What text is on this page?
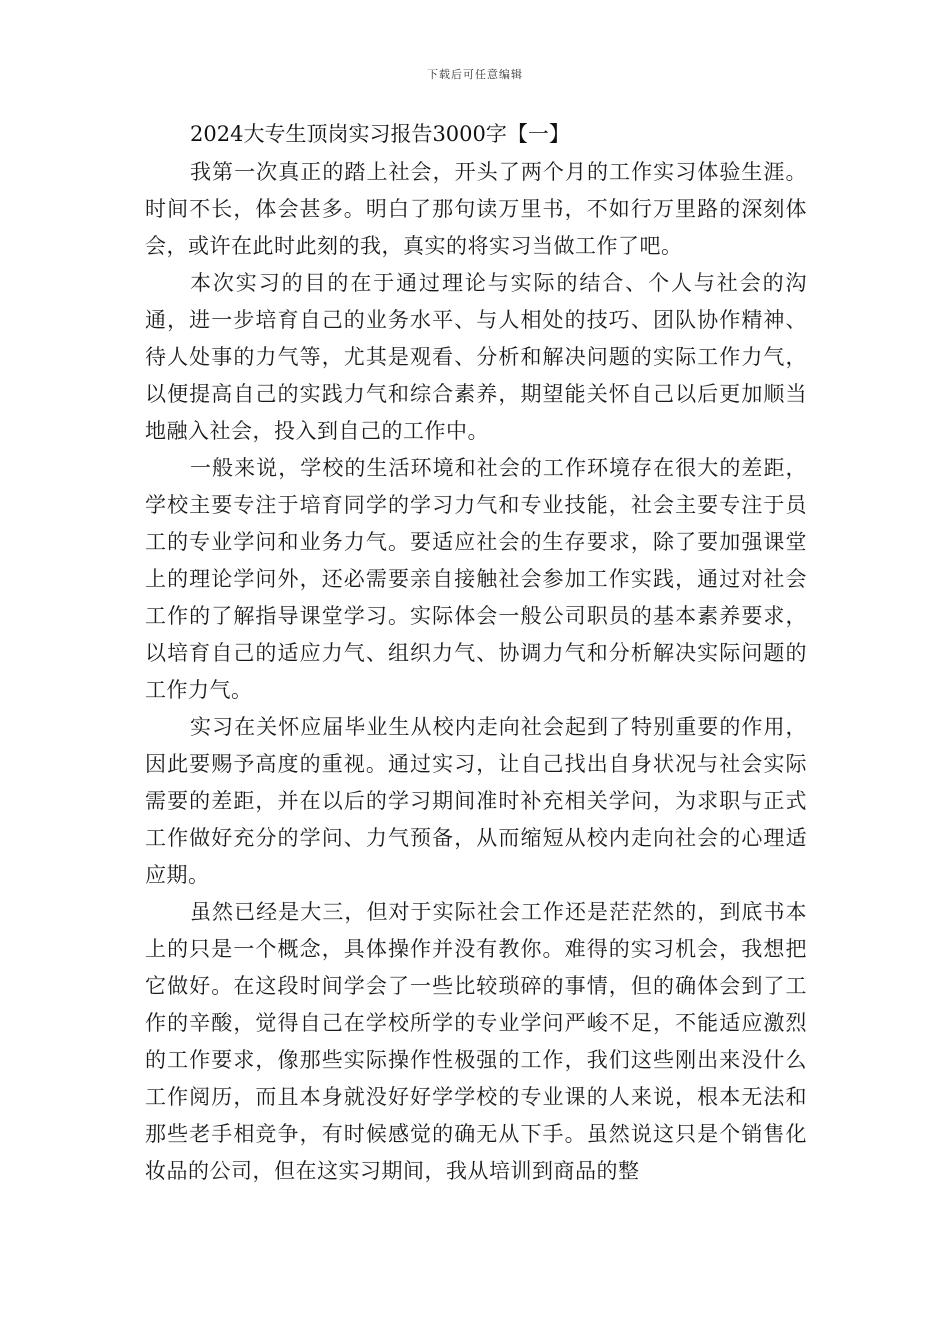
下载后可任意编辑
2024大专生顶岗实习报告3000字【一】

我第一次真正的踏上社会，开头了两个月的工作实习体验生涯。时间不长，体会甚多。明白了那句读万里书，不如行万里路的深刻体会，或许在此时此刻的我，真实的将实习当做工作了吧。

本次实习的目的在于通过理论与实际的结合、个人与社会的沟通，进一步培育自己的业务水平、与人相处的技巧、团队协作精神、待人处事的力气等，尤其是观看、分析和解决问题的实际工作力气，以便提高自己的实践力气和综合素养，期望能关怀自己以后更加顺当地融入社会，投入到自己的工作中。

一般来说，学校的生活环境和社会的工作环境存在很大的差距，学校主要专注于培育同学的学习力气和专业技能，社会主要专注于员工的专业学问和业务力气。要适应社会的生存要求，除了要加强课堂上的理论学问外，还必需要亲自接触社会参加工作实践，通过对社会工作的了解指导课堂学习。实际体会一般公司职员的基本素养要求，以培育自己的适应力气、组织力气、协调力气和分析解决实际问题的工作力气。

实习在关怀应届毕业生从校内走向社会起到了特别重要的作用，因此要赐予高度的重视。通过实习，让自己找出自身状况与社会实际需要的差距，并在以后的学习期间准时补充相关学问，为求职与正式工作做好充分的学问、力气预备，从而缩短从校内走向社会的心理适应期。

虽然已经是大三，但对于实际社会工作还是茫茫然的，到底书本上的只是一个概念，具体操作并没有教你。难得的实习机会，我想把它做好。在这段时间学会了一些比较琐碎的事情，但的确体会到了工作的辛酸，觉得自己在学校所学的专业学问严峻不足，不能适应激烈的工作要求，像那些实际操作性极强的工作，我们这些刚出来没什么工作阅历，而且本身就没好好学学校的专业课的人来说，根本无法和那些老手相竞争，有时候感觉的确无从下手。虽然说这只是个销售化妆品的公司，但在这实习期间，我从培训到商品的整
